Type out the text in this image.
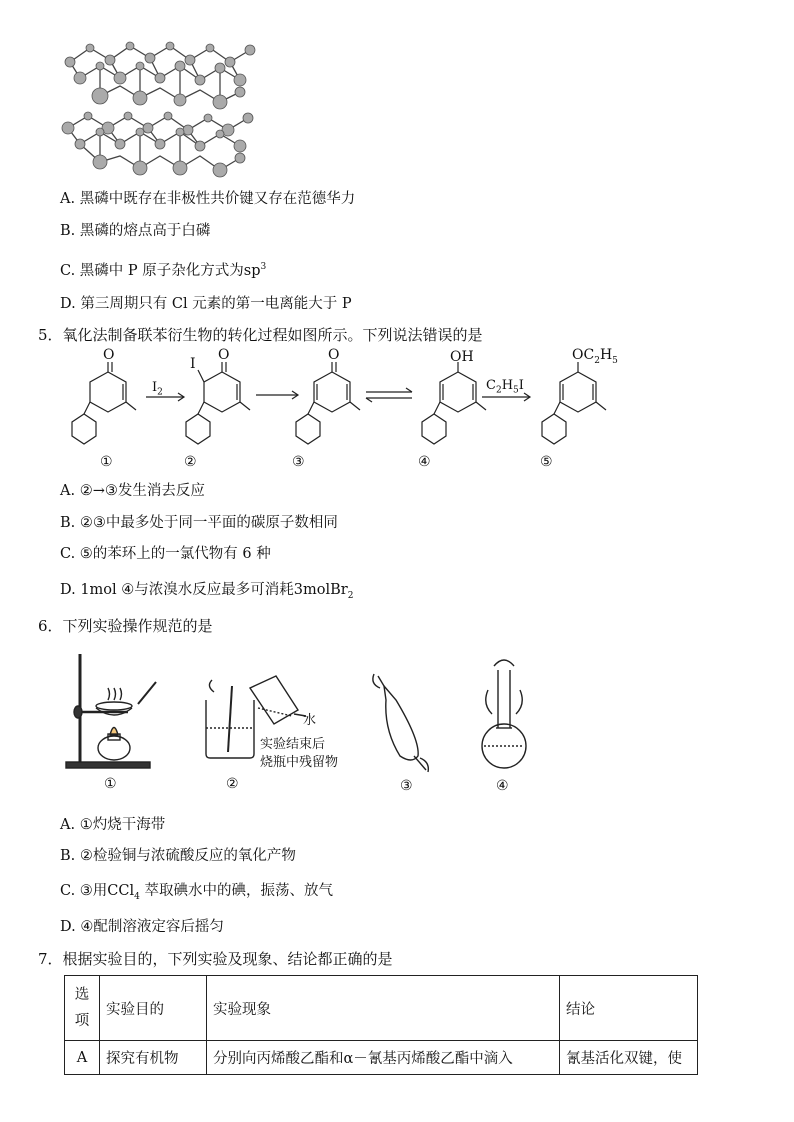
A. 黑磷中既存在非极性共价键又存在范德华力
B. 黑磷的熔点高于白磷
C. 黑磷中 P 原子杂化方式为$sp^3$
D. 第三周期只有 Cl 元素的第一电离能大于 P
5．氧化法制备联苯衍生物的转化过程如图所示。下列说法错误的是
O	O
I
O	OH	$OC_2H_5$
$I_2$	$C_2H_5I$
①	②	③	④	⑤
A. ②→③发生消去反应
B. ②③中最多处于同一平面的碳原子数相同
C. ⑤的苯环上的一氯代物有 6 种
D. 1mol ④与浓溴水反应最多可消耗3molBr$_2$
6．下列实验操作规范的是
水
实验结束后
烧瓶中残留物
①	②	③	④
A. ①灼烧干海带
B. ②检验铜与浓硫酸反应的氧化产物
C. ③用CCl$_4$ 萃取碘水中的碘，振荡、放气
D. ④配制溶液定容后摇匀
7．根据实验目的，下列实验及现象、结论都正确的是
选项	实验目的	实验现象	结论
A	探究有机物	分别向丙烯酸乙酯和α－氰基丙烯酸乙酯中滴入	氰基活化双键，使
